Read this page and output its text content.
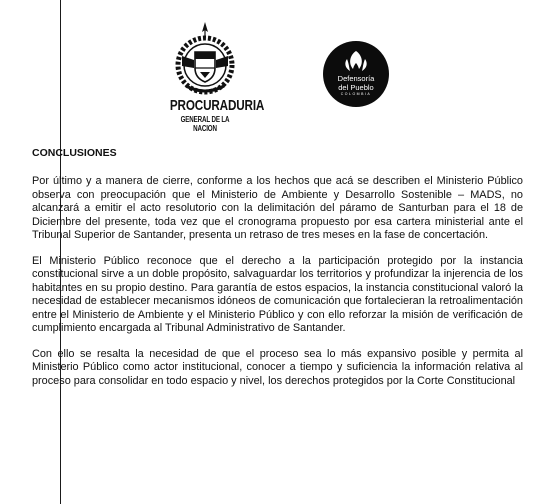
PROCURADURIA
GENERAL DE LA NACION
Defensoría
del Pueblo
COLOMBIA
CONCLUSIONES

Por último y a manera de cierre, conforme a los hechos que acá se describen el Ministerio Público observa con preocupación que el Ministerio de Ambiente y Desarrollo Sostenible – MADS, no alcanzará a emitir el acto resolutorio con la delimitación del páramo de Santurban para el 18 de Diciembre del presente, toda vez que el cronograma propuesto por esa cartera ministerial ante el Tribunal Superior de Santander, presenta un retraso de tres meses en la fase de concertación.

El Ministerio Público reconoce que el derecho a la participación protegido por la instancia constitucional sirve a un doble propósito, salvaguardar los territorios y profundizar la injerencia de los habitantes en su propio destino. Para garantía de estos espacios, la instancia constitucional valoró la necesidad de establecer mecanismos idóneos de comunicación que fortalecieran la retroalimentación entre el Ministerio de Ambiente y el Ministerio Público y con ello reforzar la misión de verificación de cumplimiento encargada al Tribunal Administrativo de Santander.

Con ello se resalta la necesidad de que el proceso sea lo más expansivo posible y permita al Ministerio Público como actor institucional, conocer a tiempo y suficiencia la información relativa al proceso para consolidar en todo espacio y nivel, los derechos protegidos por la Corte Constitucional
